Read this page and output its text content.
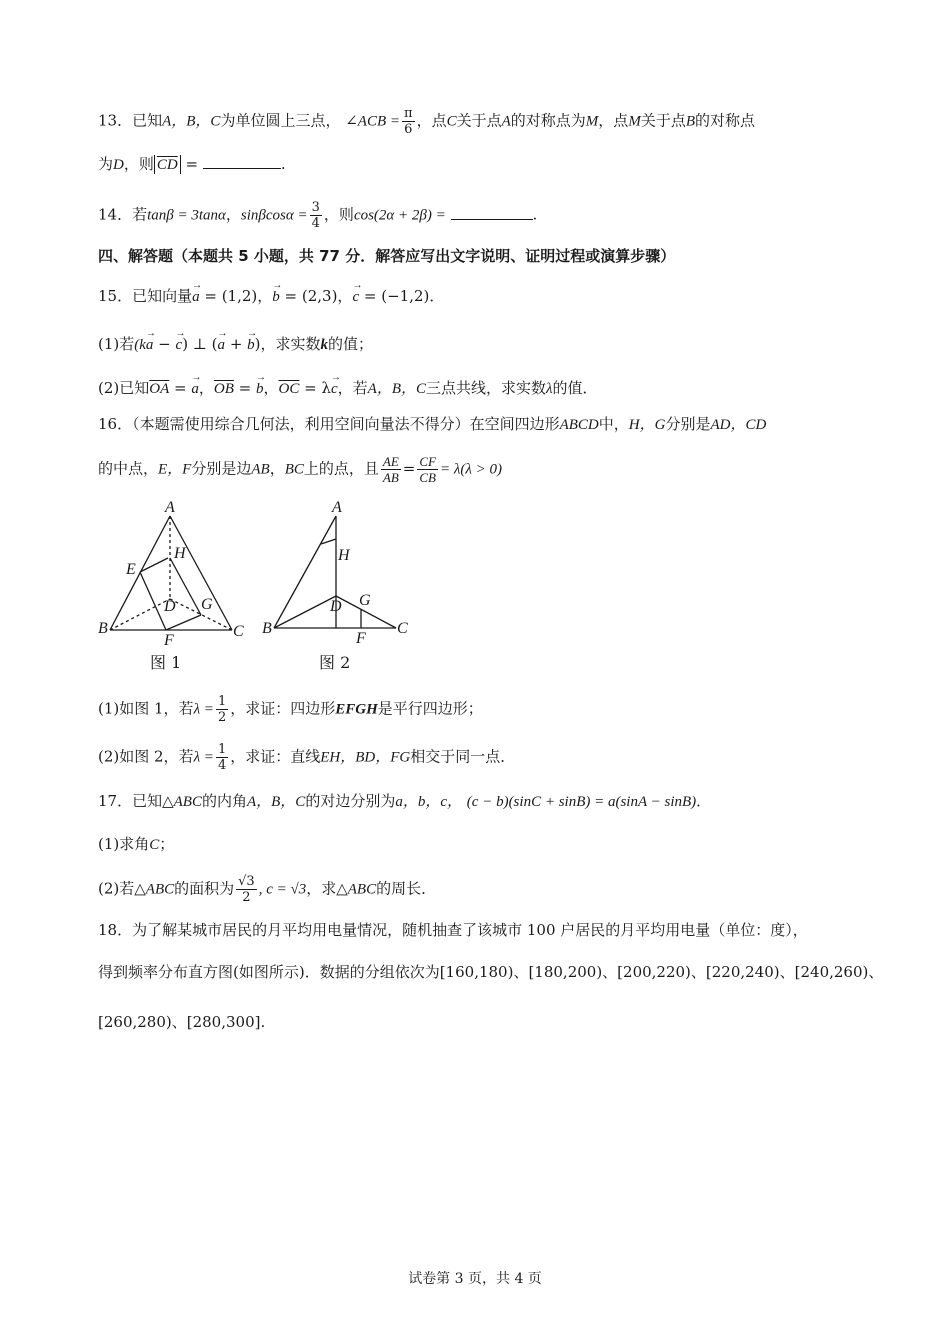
13．已知A，B，C为单位圆上三点， ∠ACB = $\frac{\pi}{6}$ ，点C关于点A的对称点为M，点M关于点B的对称点
为D，则 $\overline{CD}$ =	.
14．若tanβ = 3tanα，$\sin\beta\cos\alpha = \frac{3}{4}$ ，则cos(2α + 2β) =	.
四、解答题（本题共 5 小题，共 77 分．解答应写出文字说明、证明过程或演算步骤）
15．已知向量→ a = (1,2)，→ b = (2,3)，→ c = (−1,2)．
(1)若(k→ a − → c) ⊥ (→ a + → b)，求实数k的值；
(2)已知$\overline{OA}$ = → a，$\overline{OB}$ = → b，$\overline{OC} = \lambda\to c$，若A，B，C三点共线，求实数λ的值．
16．（本题需使用综合几何法，利用空间向量法不得分）在空间四边形ABCD中，H，G分别是AD，CD
的中点，E，F分别是边AB，BC上的点，且 $\frac{AE}{AB} = \frac{CF}{CB} = \lambda(\lambda > 0)$
A
H
E
D G
B	C
F
图 1
A
H
D G
B	C
F
图 2
(1)如图 1，若$\lambda = \frac{1}{2}$ ，求证：四边形EFGH是平行四边形；
(2)如图 2，若$\lambda = \frac{1}{4}$ ，求证：直线EH，BD，FG相交于同一点．
17．已知△ABC的内角A，B，C的对边分别为a，b，c， (c − b)(sinC + sinB) = a(sinA − sinB)．
(1)求角C；
(2)若△ABC的面积为 $\frac{√3}{2}$ , c = √3，求△ABC的周长．
18．为了解某城市居民的月平均用电量情况，随机抽查了该城市 100 户居民的月平均用电量（单位：度），
得到频率分布直方图(如图所示)．数据的分组依次为[160,180)、[180,200)、[200,220)、[220,240)、[240,260)、
[260,280)、[280,300].
试卷第 3 页，共 4 页
